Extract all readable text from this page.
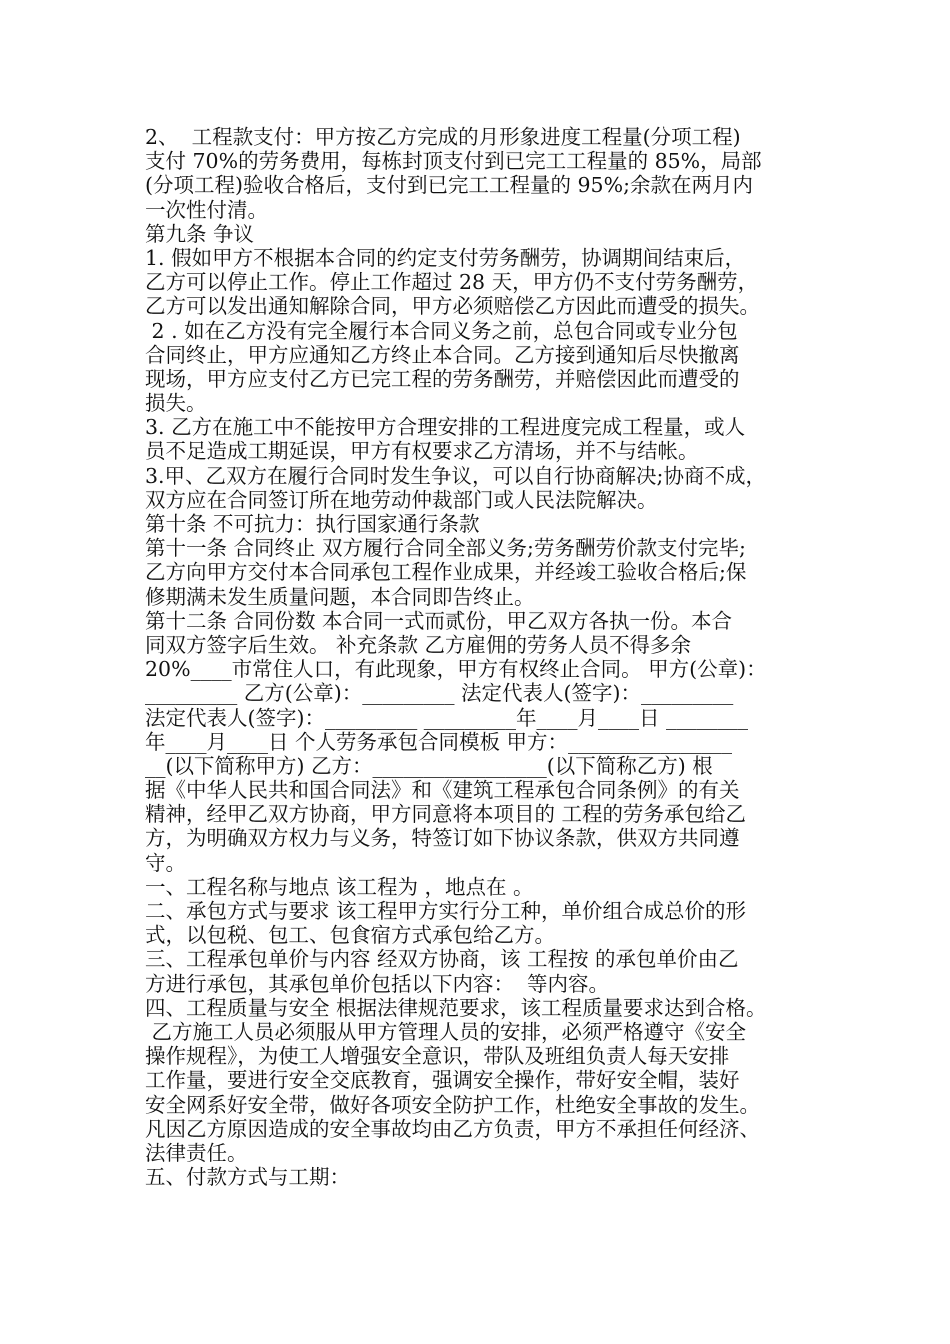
2、  工程款支付：甲方按乙方完成的月形象进度工程量(分项工程)
支付 70%的劳务费用，每栋封顶支付到已完工工程量的 85%，局部
(分项工程)验收合格后，支付到已完工工程量的 95%;余款在两月内
一次性付清。
第九条 争议
1. 假如甲方不根据本合同的约定支付劳务酬劳，协调期间结束后，
乙方可以停止工作。停止工作超过 28 天，甲方仍不支付劳务酬劳，
乙方可以发出通知解除合同，甲方必须赔偿乙方因此而遭受的损失。
2 . 如在乙方没有完全履行本合同义务之前，总包合同或专业分包
合同终止，甲方应通知乙方终止本合同。乙方接到通知后尽快撤离
现场，甲方应支付乙方已完工程的劳务酬劳，并赔偿因此而遭受的
损失。
3. 乙方在施工中不能按甲方合理安排的工程进度完成工程量，或人
员不足造成工期延误，甲方有权要求乙方清场，并不与结帐。
3.甲、乙双方在履行合同时发生争议，可以自行协商解决;协商不成，
双方应在合同签订所在地劳动仲裁部门或人民法院解决。
第十条 不可抗力：执行国家通行条款
第十一条 合同终止 双方履行合同全部义务;劳务酬劳价款支付完毕;
乙方向甲方交付本合同承包工程作业成果，并经竣工验收合格后;保
修期满未发生质量问题，本合同即告终止。
第十二条 合同份数 本合同一式而贰份，甲乙双方各执一份。本合
同双方签字后生效。 补充条款 乙方雇佣的劳务人员不得多余
20%____市常住人口，有此现象，甲方有权终止合同。 甲方(公章)：
_________ 乙方(公章)：_________ 法定代表人(签字)：_________
法定代表人(签字)：_________ _________年____月____日 ________
年____月____日 个人劳务承包合同模板 甲方：________________
__(以下简称甲方) 乙方：_________________(以下简称乙方) 根
据《中华人民共和国合同法》和《建筑工程承包合同条例》的有关
精神，经甲乙双方协商，甲方同意将本项目的 工程的劳务承包给乙
方，为明确双方权力与义务，特签订如下协议条款，供双方共同遵
守。
一、工程名称与地点 该工程为 ，地点在 。
二、承包方式与要求 该工程甲方实行分工种，单价组合成总价的形
式，以包税、包工、包食宿方式承包给乙方。
三、工程承包单价与内容 经双方协商，该 工程按 的承包单价由乙
方进行承包，其承包单价包括以下内容：  等内容。
四、工程质量与安全 根据法律规范要求，该工程质量要求达到合格。
乙方施工人员必须服从甲方管理人员的安排，必须严格遵守《安全
操作规程》，为使工人增强安全意识，带队及班组负责人每天安排
工作量，要进行安全交底教育，强调安全操作，带好安全帽，装好
安全网系好安全带，做好各项安全防护工作，杜绝安全事故的发生。
凡因乙方原因造成的安全事故均由乙方负责，甲方不承担任何经济、
法律责任。
五、付款方式与工期：
